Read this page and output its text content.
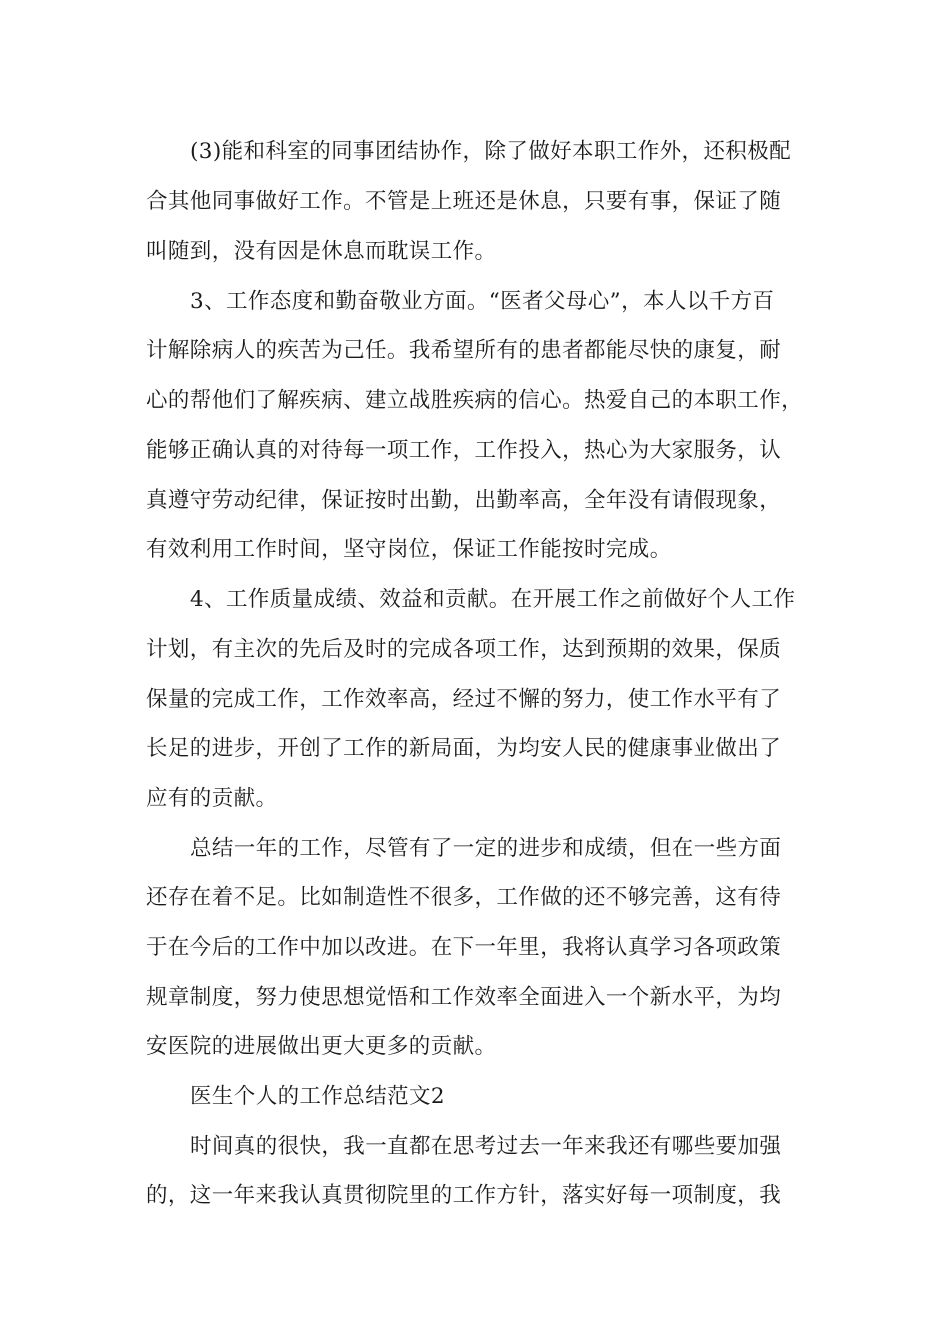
(3)能和科室的同事团结协作，除了做好本职工作外，还积极配
合其他同事做好工作。不管是上班还是休息，只要有事，保证了随
叫随到，没有因是休息而耽误工作。
3、工作态度和勤奋敬业方面。“医者父母心”，本人以千方百
计解除病人的疾苦为己任。我希望所有的患者都能尽快的康复，耐
心的帮他们了解疾病、建立战胜疾病的信心。热爱自己的本职工作，
能够正确认真的对待每一项工作，工作投入，热心为大家服务，认
真遵守劳动纪律，保证按时出勤，出勤率高，全年没有请假现象，
有效利用工作时间，坚守岗位，保证工作能按时完成。
4、工作质量成绩、效益和贡献。在开展工作之前做好个人工作
计划，有主次的先后及时的完成各项工作，达到预期的效果，保质
保量的完成工作，工作效率高，经过不懈的努力，使工作水平有了
长足的进步，开创了工作的新局面，为均安人民的健康事业做出了
应有的贡献。
总结一年的工作，尽管有了一定的进步和成绩，但在一些方面
还存在着不足。比如制造性不很多，工作做的还不够完善，这有待
于在今后的工作中加以改进。在下一年里，我将认真学习各项政策
规章制度，努力使思想觉悟和工作效率全面进入一个新水平，为均
安医院的进展做出更大更多的贡献。
医生个人的工作总结范文2
时间真的很快，我一直都在思考过去一年来我还有哪些要加强
的，这一年来我认真贯彻院里的工作方针，落实好每一项制度，我
